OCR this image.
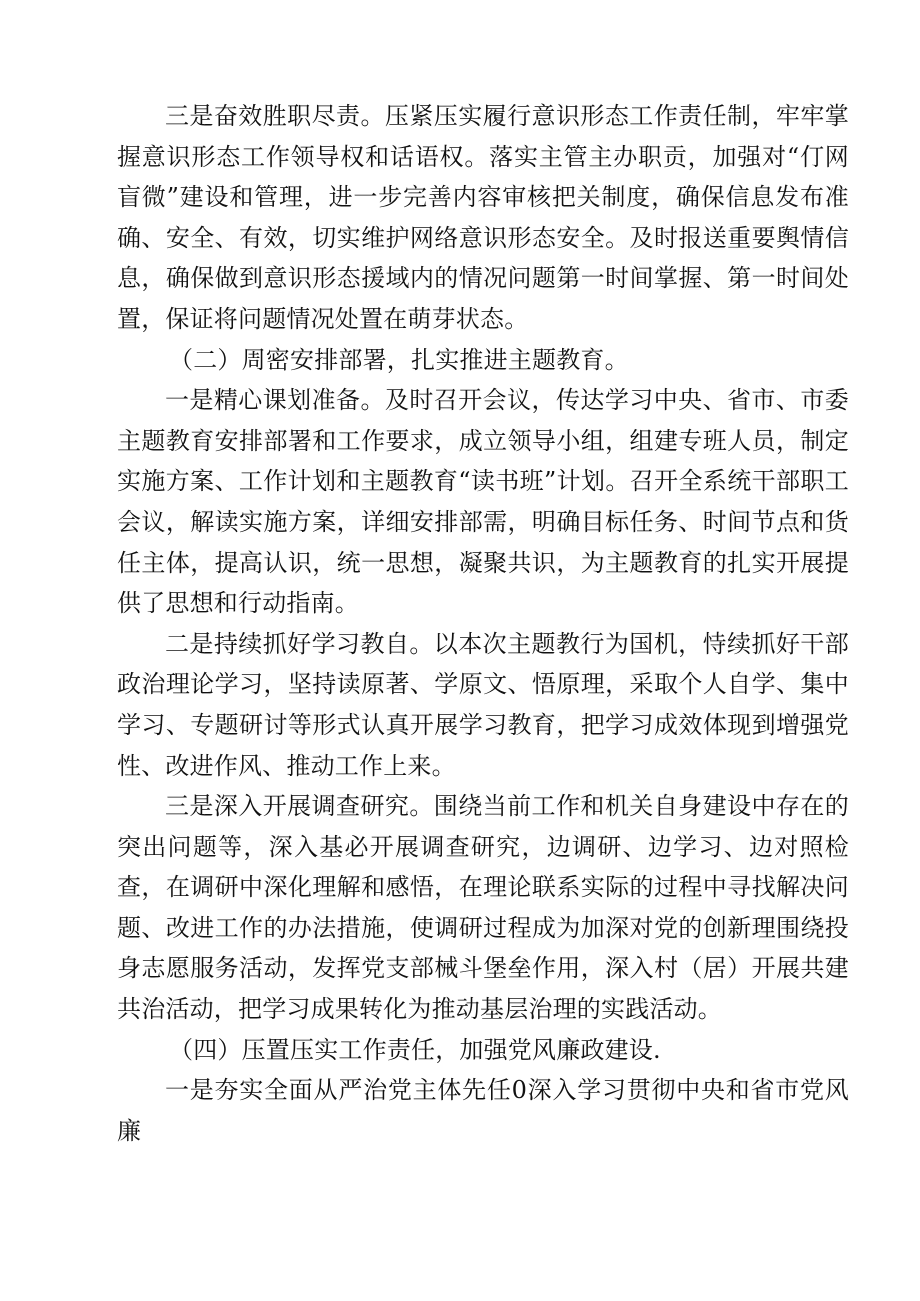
三是奋效胜职尽责。压紧压实履行意识形态工作责任制，牢牢掌握意识形态工作领导权和话语权。落实主管主办职贡，加强对“仃网盲微”建设和管理，进一步完善内容审核把关制度，确保信息发布准确、安全、有效，切实维护网络意识形态安全。及时报送重要舆情信息，确保做到意识形态援域内的情况问题第一时间掌握、第一时间处置，保证将问题情况处置在萌芽状态。

（二）周密安排部署，扎实推进主题教育。

一是精心课划准备。及时召开会议，传达学习中央、省市、市委主题教育安排部署和工作要求，成立领导小组，组建专班人员，制定实施方案、工作计划和主题教育“读书班”计划。召开全系统干部职工会议，解读实施方案，详细安排部需，明确目标任务、时间节点和货任主体，提高认识，统一思想，凝聚共识，为主题教育的扎实开展提供了思想和行动指南。

二是持续抓好学习教自。以本次主题教行为国机，恃续抓好干部政治理论学习，坚持读原著、学原文、悟原理，采取个人自学、集中学习、专题研讨等形式认真开展学习教育，把学习成效体现到增强党性、改进作风、推动工作上来。

三是深入开展调查研究。围绕当前工作和机关自身建设中存在的突出问题等，深入基必开展调查研究，边调研、边学习、边对照检查，在调研中深化理解和感悟，在理论联系实际的过程中寻找解决问题、改进工作的办法措施，使调研过程成为加深对党的创新理围绕投身志愿服务活动，发挥党支部械斗堡垒作用，深入村（居）开展共建共治活动，把学习成果转化为推动基层治理的实践活动。

（四）压置压实工作责任，加强党风廉政建设.

一是夯实全面从严治党主体先任0深入学习贯彻中央和省市党风廉
